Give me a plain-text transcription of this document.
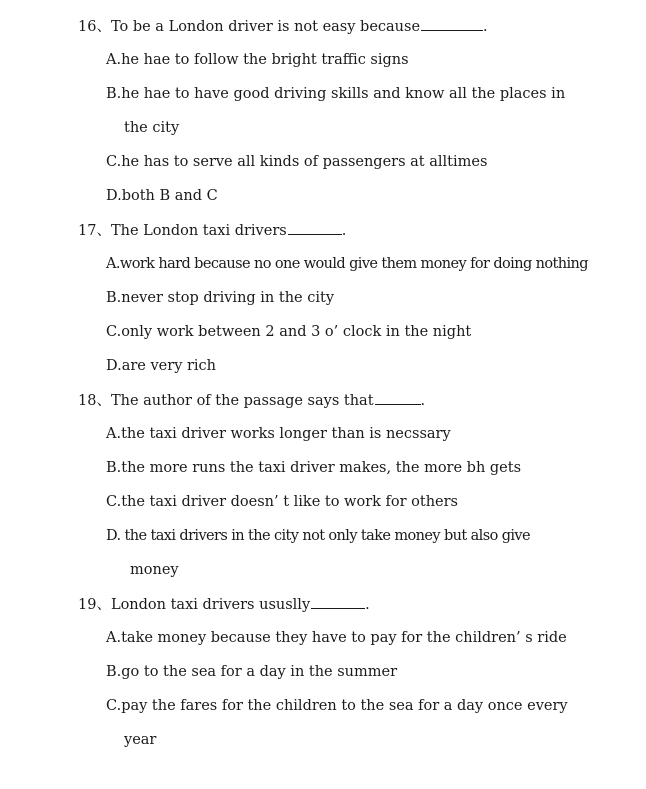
16、To be a London driver is not easy because	.
A.he hae to follow the bright traffic signs
B.he hae to have good driving skills and know all the places in
the city
C.he has to serve all kinds of passengers at alltimes
D.both B and C
17、The London taxi drivers	.
A.work hard because no one would give them money for doing nothing
B.never stop driving in the city
C.only work between 2 and 3 o’ clock in the night
D.are very rich
18、The author of the passage says that	.
A.the taxi driver works longer than is necssary
B.the more runs the taxi driver makes, the more bh gets
C.the taxi driver doesn’ t like to work for others
D. the taxi drivers in the city not only take money but also give
money
19、London taxi drivers ususlly	.
A.take money because they have to pay for the children’ s ride
B.go to the sea for a day in the summer
C.pay the fares for the children to the sea for a day once every
year
